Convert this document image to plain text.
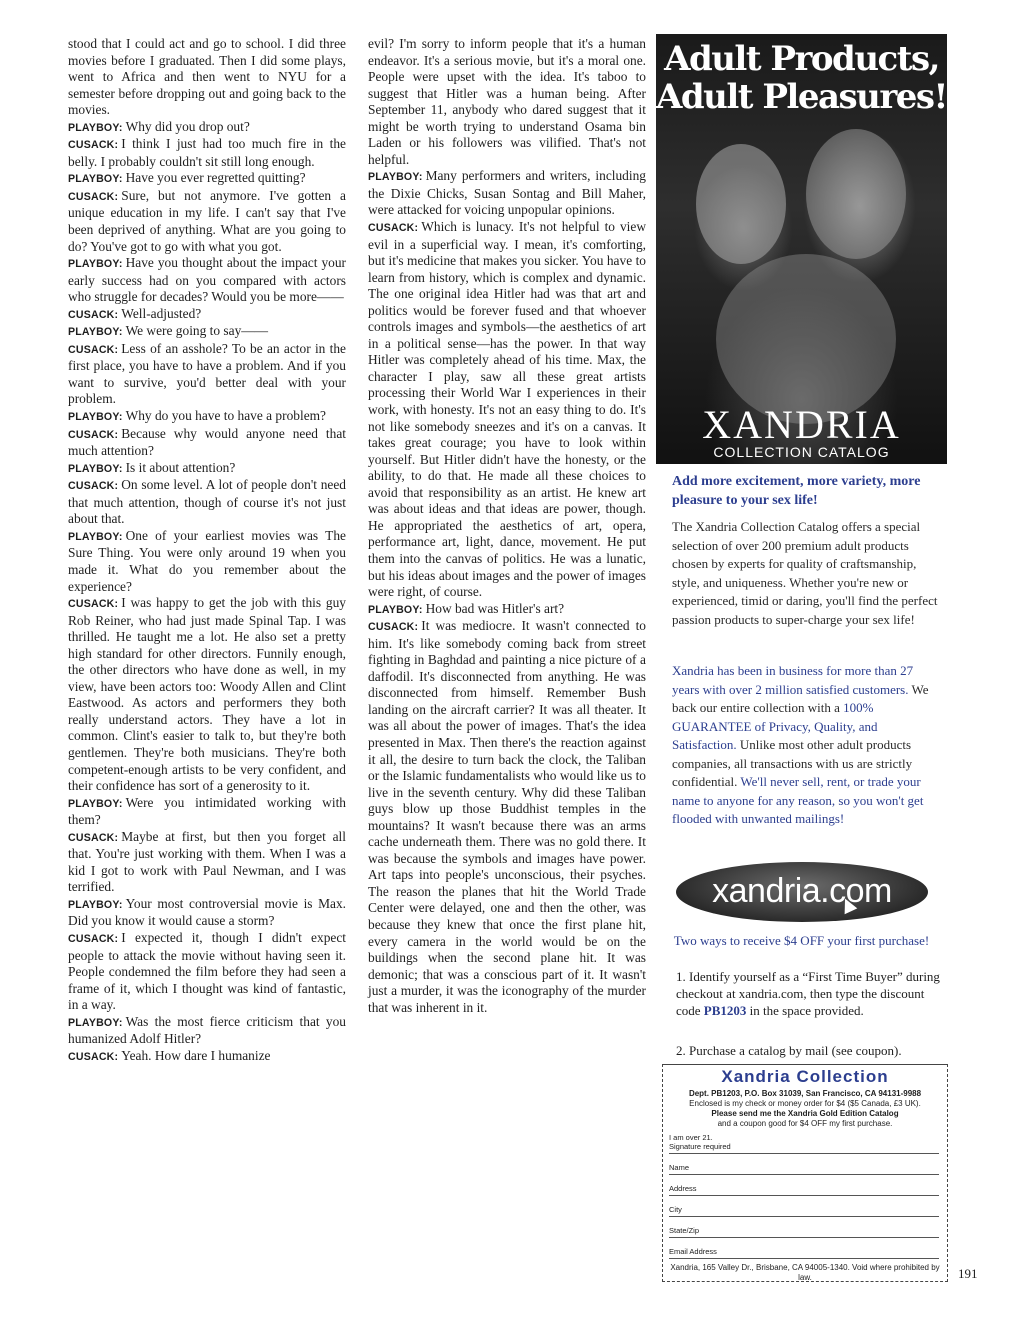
stood that I could act and go to school. I did three movies before I graduated. Then I did some plays, went to Africa and then went to NYU for a semester before dropping out and going back to the movies.

PLAYBOY: Why did you drop out?

CUSACK: I think I just had too much fire in the belly. I probably couldn't sit still long enough.

PLAYBOY: Have you ever regretted quitting?

CUSACK: Sure, but not anymore. I've gotten a unique education in my life. I can't say that I've been deprived of anything. What are you going to do? You've got to go with what you got.

PLAYBOY: Have you thought about the impact your early success had on you compared with actors who struggle for decades? Would you be more——

CUSACK: Well-adjusted?

PLAYBOY: We were going to say——

CUSACK: Less of an asshole? To be an actor in the first place, you have to have a problem. And if you want to survive, you'd better deal with your problem.

PLAYBOY: Why do you have to have a problem?

CUSACK: Because why would anyone need that much attention?

PLAYBOY: Is it about attention?

CUSACK: On some level. A lot of people don't need that much attention, though of course it's not just about that.

PLAYBOY: One of your earliest movies was The Sure Thing. You were only around 19 when you made it. What do you remember about the experience?

CUSACK: I was happy to get the job with this guy Rob Reiner, who had just made Spinal Tap. I was thrilled. He taught me a lot. He also set a pretty high standard for other directors. Funnily enough, the other directors who have done as well, in my view, have been actors too: Woody Allen and Clint Eastwood. As actors and performers they both really understand actors. They have a lot in common. Clint's easier to talk to, but they're both gentlemen. They're both musicians. They're both competent-enough artists to be very confident, and their confidence has sort of a generosity to it.

PLAYBOY: Were you intimidated working with them?

CUSACK: Maybe at first, but then you forget all that. You're just working with them. When I was a kid I got to work with Paul Newman, and I was terrified.

PLAYBOY: Your most controversial movie is Max. Did you know it would cause a storm?

CUSACK: I expected it, though I didn't expect people to attack the movie without having seen it. People condemned the film before they had seen a frame of it, which I thought was kind of fantastic, in a way.

PLAYBOY: Was the most fierce criticism that you humanized Adolf Hitler?

CUSACK: Yeah. How dare I humanize

evil? I'm sorry to inform people that it's a human endeavor. It's a serious movie, but it's a moral one. People were upset with the idea. It's taboo to suggest that Hitler was a human being. After September 11, anybody who dared suggest that it might be worth trying to understand Osama bin Laden or his followers was vilified. That's not helpful.

PLAYBOY: Many performers and writers, including the Dixie Chicks, Susan Sontag and Bill Maher, were attacked for voicing unpopular opinions.

CUSACK: Which is lunacy. It's not helpful to view evil in a superficial way. I mean, it's comforting, but it's medicine that makes you sicker. You have to learn from history, which is complex and dynamic. The one original idea Hitler had was that art and politics would be forever fused and that whoever controls images and symbols—the aesthetics of art in a political sense—has the power. In that way Hitler was completely ahead of his time. Max, the character I play, saw all these great artists processing their World War I experiences in their work, with honesty. It's not an easy thing to do. It's not like somebody sneezes and it's on a canvas. It takes great courage; you have to look within yourself. But Hitler didn't have the honesty, or the ability, to do that. He made all these choices to avoid that responsibility as an artist. He knew art was about ideas and that ideas are power, though. He appropriated the aesthetics of art, opera, performance art, light, dance, movement. He put them into the canvas of politics. He was a lunatic, but his ideas about images and the power of images were right, of course.

PLAYBOY: How bad was Hitler's art?

CUSACK: It was mediocre. It wasn't connected to him. It's like somebody coming back from street fighting in Baghdad and painting a nice picture of a daffodil. It's disconnected from anything. He was disconnected from himself. Remember Bush landing on the aircraft carrier? It was all theater. It was all about the power of images. That's the idea presented in Max. Then there's the reaction against it all, the desire to turn back the clock, the Taliban or the Islamic fundamentalists who would like us to live in the seventh century. Why did these Taliban guys blow up those Buddhist temples in the mountains? It wasn't because there was an arms cache underneath them. There was no gold there. It was because the symbols and images have power. Art taps into people's unconscious, their psyches. The reason the planes that hit the World Trade Center were delayed, one and then the other, was because they knew that once the first plane hit, every camera in the world would be on the buildings when the second plane hit. It was demonic; that was a conscious part of it. It wasn't just a murder, it was the iconography of the murder that was inherent in it.

Adult Products,
Adult Pleasures!
XANDRIA
COLLECTION CATALOG
Add more excitement, more variety, more pleasure to your sex life!
The Xandria Collection Catalog offers a special selection of over 200 premium adult products chosen by experts for quality of craftsmanship, style, and uniqueness. Whether you're new or experienced, timid or daring, you'll find the perfect passion products to super-charge your sex life!
Xandria has been in business for more than 27 years with over 2 million satisfied customers. We back our entire collection with a 100% GUARANTEE of Privacy, Quality, and Satisfaction. Unlike most other adult products companies, all transactions with us are strictly confidential. We'll never sell, rent, or trade your name to anyone for any reason, so you won't get flooded with unwanted mailings!
xandria.com
Two ways to receive $4 OFF your first purchase!
1. Identify yourself as a “First Time Buyer” during checkout at xandria.com, then type the discount code PB1203 in the space provided.
2. Purchase a catalog by mail (see coupon).
Xandria Collection
Dept. PB1203, P.O. Box 31039, San Francisco, CA 94131-9988
Enclosed is my check or money order for $4 ($5 Canada, £3 UK).
Please send me the Xandria Gold Edition Catalog
and a coupon good for $4 OFF my first purchase.
I am over 21.
Signature required
Name
Address
City
State/Zip
Email Address
Xandria, 165 Valley Dr., Brisbane, CA 94005-1340. Void where prohibited by law.	191
